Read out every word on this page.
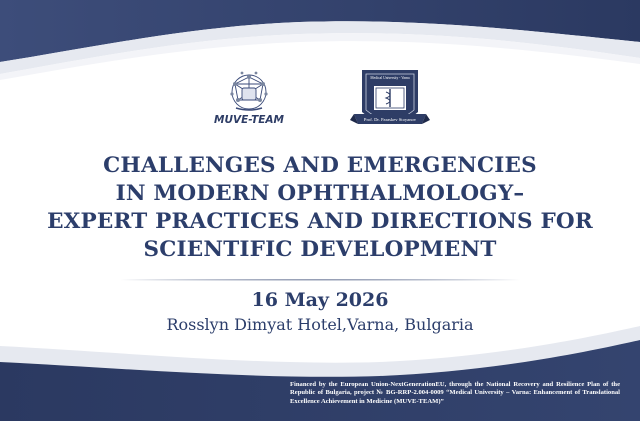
MUVE-TEAM
Medical University - Varna
Prof. Dr. Paraskev Stoyanov
CHALLENGES AND EMERGENCIES
IN MODERN OPHTHALMOLOGY–
EXPERT PRACTICES AND DIRECTIONS FOR
SCIENTIFIC DEVELOPMENT
16 May 2026
Rosslyn Dimyat Hotel,Varna, Bulgaria
Financed by the European Union-NextGenerationEU, through the National Recovery and Resilience Plan of the Republic of Bulgaria, project № BG-RRP-2.004-0009 “Medical University – Varna: Enhancement of Translational Excellence Achievement in Medicine (MUVE-TEAM)”
